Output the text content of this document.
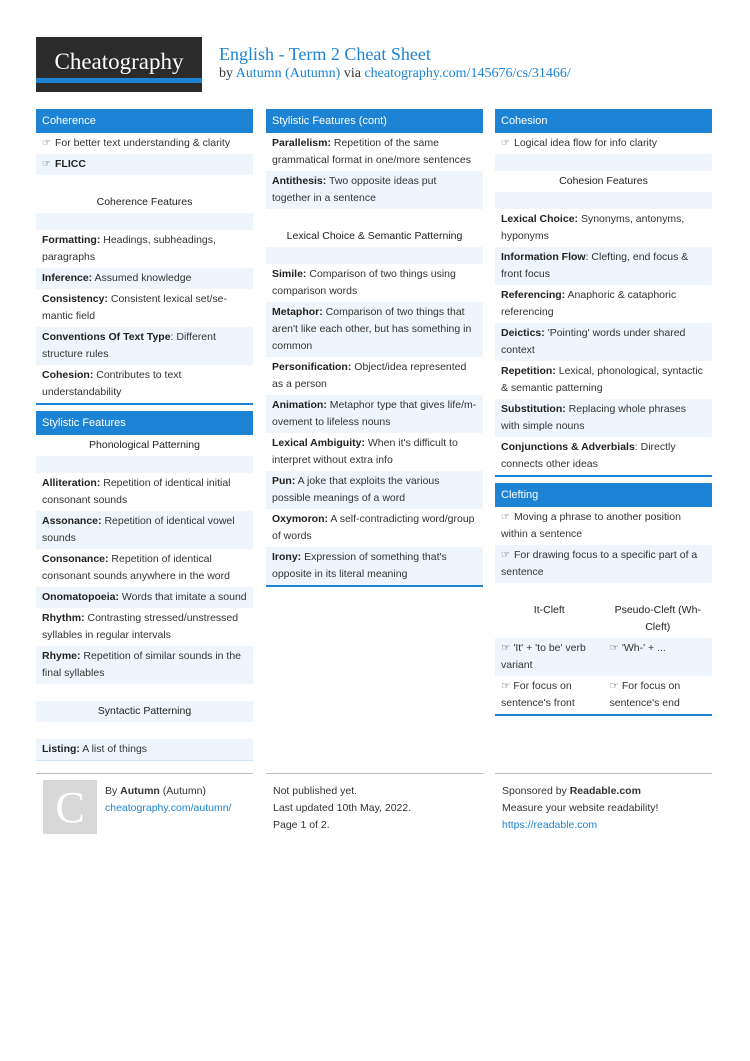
Cheatography	English - Term 2 Cheat Sheet
by Autumn (Autumn) via cheatography.com/145676/cs/31466/
Coherence
☞ For better text understanding & clarity
☞ FLICC
Coherence Features
Formatting: Headings, subheadings, paragraphs
Inference: Assumed knowledge
Consistency: Consistent lexical set/semantic field
Conventions Of Text Type: Different structure rules
Cohesion: Contributes to text understandability
Stylistic Features
Phonological Patterning
Alliteration: Repetition of identical initial consonant sounds
Assonance: Repetition of identical vowel sounds
Consonance: Repetition of identical consonant sounds anywhere in the word
Onomatopoeia: Words that imitate a sound
Rhythm: Contrasting stressed/unstressed syllables in regular intervals
Rhyme: Repetition of similar sounds in the final syllables
Syntactic Patterning
Listing: A list of things
Stylistic Features (cont)
Parallelism: Repetition of the same grammatical format in one/more sentences
Antithesis: Two opposite ideas put together in a sentence
Lexical Choice & Semantic Patterning
Simile: Comparison of two things using comparison words
Metaphor: Comparison of two things that aren't like each other, but has something in common
Personification: Object/idea represented as a person
Animation: Metaphor type that gives life/movement to lifeless nouns
Lexical Ambiguity: When it's difficult to interpret without extra info
Pun: A joke that exploits the various possible meanings of a word
Oxymoron: A self-contradicting word/group of words
Irony: Expression of something that's opposite in its literal meaning
Cohesion
☞ Logical idea flow for info clarity
Cohesion Features
Lexical Choice: Synonyms, antonyms, hyponyms
Information Flow: Clefting, end focus & front focus
Referencing: Anaphoric & cataphoric referencing
Deictics: 'Pointing' words under shared context
Repetition: Lexical, phonological, syntactic & semantic patterning
Substitution: Replacing whole phrases with simple nouns
Conjunctions & Adverbials: Directly connects other ideas
Clefting
☞ Moving a phrase to another position within a sentence
☞ For drawing focus to a specific part of a sentence
It-Cleft	Pseudo-Cleft (Wh-Cleft)
☞ 'It' + 'to be' verb variant	☞ 'Wh-' + ...
☞ For focus on sentence's front	☞ For focus on sentence's end
C	By Autumn (Autumn)
cheatography.com/autumn/
Not published yet.
Last updated 10th May, 2022.
Page 1 of 2.
Sponsored by Readable.com
Measure your website readability!
https://readable.com
